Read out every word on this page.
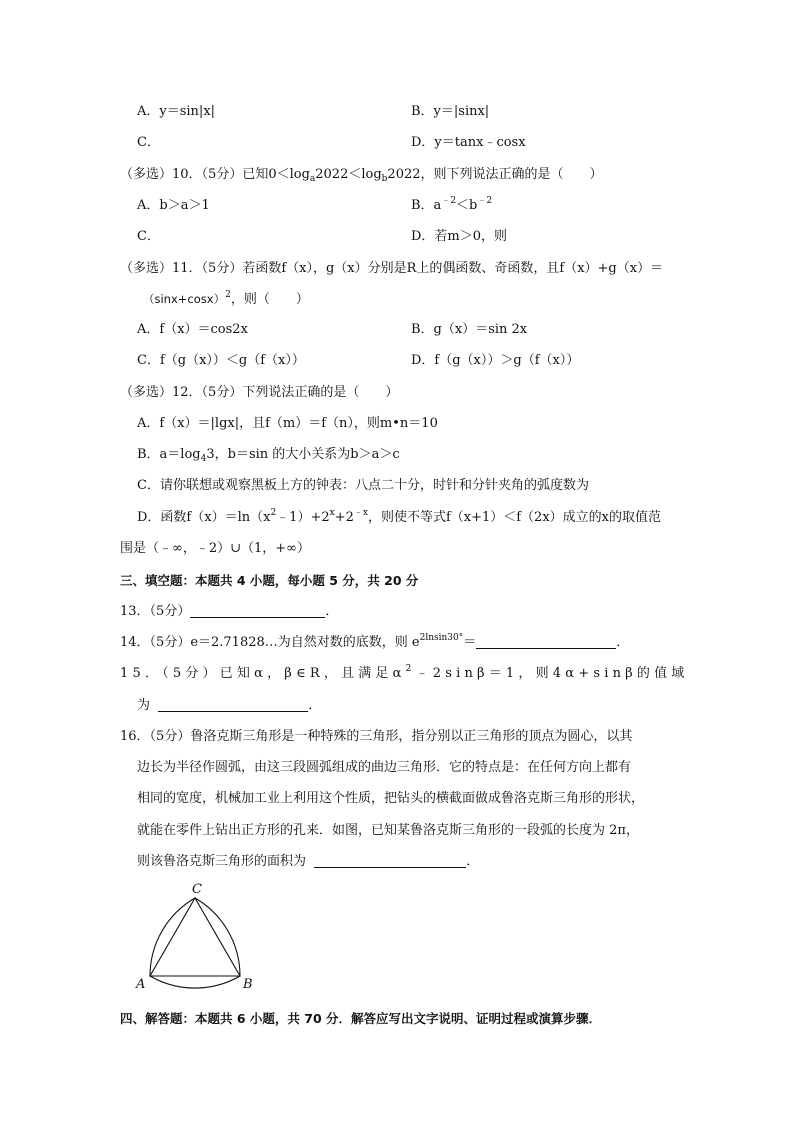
A．y＝sin|x|	B．y＝|sinx|
C．	D．y＝tanx﹣cosx
（多选）10．（5分）已知$0<\log_a2022<\log_b2022$，则下列说法正确的是（　　）
A．b＞a＞1	B．$a^{﹣2}<b^{﹣2}$
C．	D．若m＞0，则
（多选）11．（5分）若函数f（x），g（x）分别是R上的偶函数、奇函数，且f（x）+g（x）＝
$(\sin x+\cos x)^2$，则（　　）
A．f（x）＝cos2x	B．g（x）＝sin 2x
C．f（g（x））＜g（f（x））	D．f（g（x））＞g（f（x））
（多选）12．（5分）下列说法正确的是（　　）
A．f（x）＝|lgx|，且f（m）＝f（n），则m•n＝10
B．$a=\log_43$，b＝sin 的大小关系为b＞a＞c
C．请你联想或观察黑板上方的钟表：八点二十分，时针和分针夹角的弧度数为
D．函数$f(x)=\ln(x^2﹣1)+2^x+2^{﹣x}$，则使不等式f（x+1）＜f（2x）成立的x的取值范
围是（﹣∞，﹣2）∪（1，+∞）
三、填空题：本题共 4 小题，每小题 5 分，共 20 分
13．（5分）	．
14．（5分）e＝2.71828…为自然对数的底数，则 $e^{2lnsin30^\circ}=$	．
15．（5分）已知α，β∈R，且满足$\alpha^2﹣2\sin\beta=1$，则4α+sinβ的值域
为	．
16．（5分）鲁洛克斯三角形是一种特殊的三角形，指分别以正三角形的顶点为圆心，以其
边长为半径作圆弧，由这三段圆弧组成的曲边三角形．它的特点是：在任何方向上都有
相同的宽度，机械加工业上利用这个性质，把钻头的横截面做成鲁洛克斯三角形的形状，
就能在零件上钻出正方形的孔来．如图，已知某鲁洛克斯三角形的一段弧的长度为 2π，
则该鲁洛克斯三角形的面积为	．
A	B
C
四、解答题：本题共 6 小题，共 70 分．解答应写出文字说明、证明过程或演算步骤．
